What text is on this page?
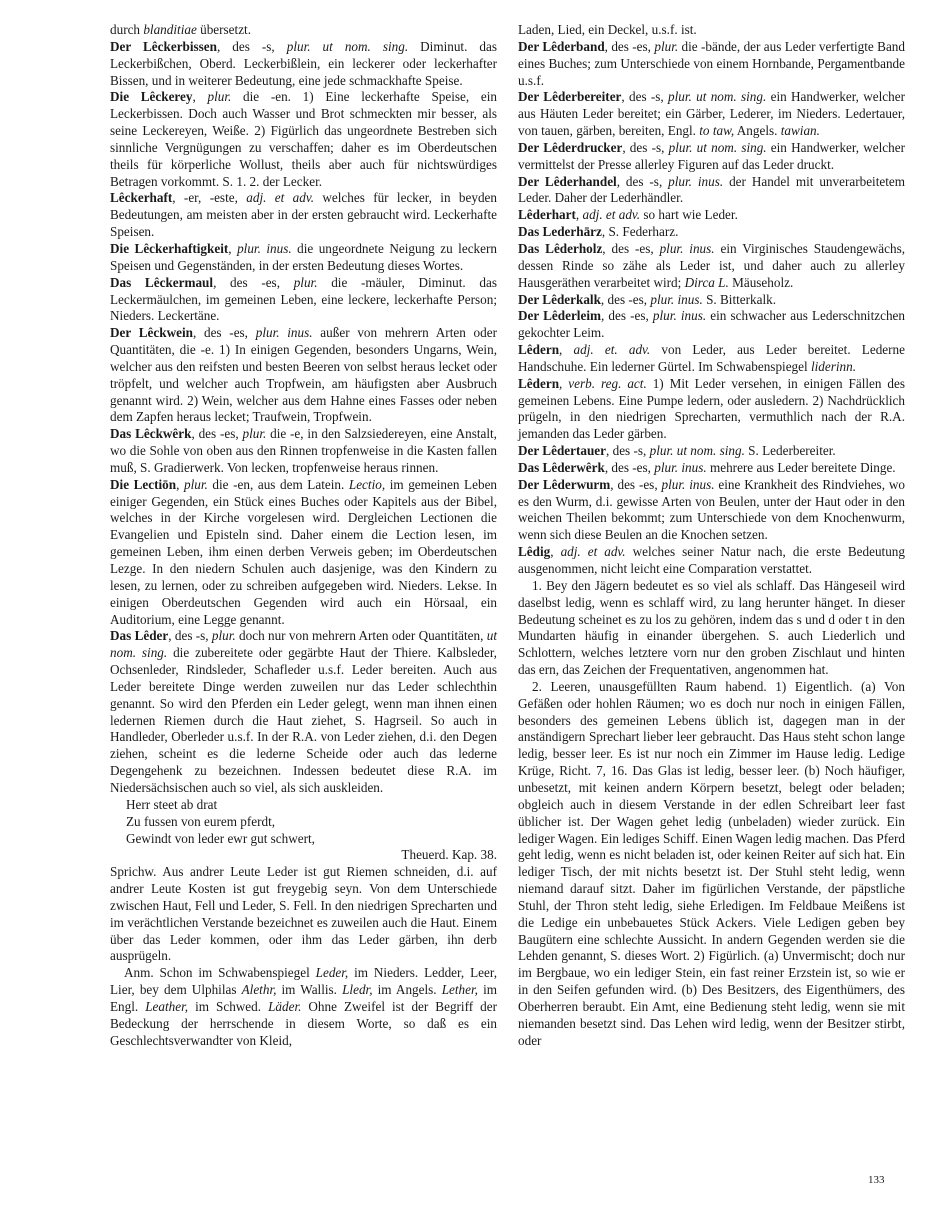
durch blanditiae übersetzt.

Der Lêckerbissen, des -s, plur. ut nom. sing. Diminut. das Leckerbißchen, Oberd. Leckerbißlein, ein leckerer oder leckerhafter Bissen, und in weiterer Bedeutung, eine jede schmackhafte Speise.

Die Lêckerey, plur. die -en. 1) Eine leckerhafte Speise, ein Leckerbissen. Doch auch Wasser und Brot schmeckten mir besser, als seine Leckereyen, Weiße. 2) Figürlich das ungeordnete Bestreben sich sinnliche Vergnügungen zu verschaffen; daher es im Oberdeutschen theils für körperliche Wollust, theils aber auch für nichtswürdiges Betragen vorkommt. S. 1. 2. der Lecker.

Lêckerhaft, -er, -este, adj. et adv. welches für lecker, in beyden Bedeutungen, am meisten aber in der ersten gebraucht wird. Leckerhafte Speisen.

Die Lêckerhaftigkeit, plur. inus. die ungeordnete Neigung zu leckern Speisen und Gegenständen, in der ersten Bedeutung dieses Wortes.

Das Lêckermaul, des -es, plur. die -mäuler, Diminut. das Leckermäulchen, im gemeinen Leben, eine leckere, leckerhafte Person; Nieders. Leckertäne.

Der Lêckwein, des -es, plur. inus. außer von mehrern Arten oder Quantitäten, die -e. 1) In einigen Gegenden, besonders Ungarns, Wein, welcher aus den reifsten und besten Beeren von selbst heraus lecket oder tröpfelt, und welcher auch Tropfwein, am häufigsten aber Ausbruch genannt wird. 2) Wein, welcher aus dem Hahne eines Fasses oder neben dem Zapfen heraus lecket; Traufwein, Tropfwein.

Das Lêckwêrk, des -es, plur. die -e, in den Salzsiedereyen, eine Anstalt, wo die Sohle von oben aus den Rinnen tropfenweise in die Kasten fallen muß, S. Gradierwerk. Von lecken, tropfenweise heraus rinnen.

Die Lectiōn, plur. die -en, aus dem Latein. Lectio, im gemeinen Leben einiger Gegenden, ein Stück eines Buches oder Kapitels aus der Bibel, welches in der Kirche vorgelesen wird. Dergleichen Lectionen die Evangelien und Episteln sind. Daher einem die Lection lesen, im gemeinen Leben, ihm einen derben Verweis geben; im Oberdeutschen Lezge. In den niedern Schulen auch dasjenige, was den Kindern zu lesen, zu lernen, oder zu schreiben aufgegeben wird. Nieders. Lekse. In einigen Oberdeutschen Gegenden wird auch ein Hörsaal, ein Auditorium, eine Legge genannt.

Das Lêder, des -s, plur. doch nur von mehrern Arten oder Quantitäten, ut nom. sing. die zubereitete oder gegärbte Haut der Thiere. Kalbsleder, Ochsenleder, Rindsleder, Schafleder u.s.f. Leder bereiten. Auch aus Leder bereitete Dinge werden zuweilen nur das Leder schlechthin genannt. So wird den Pferden ein Leder gelegt, wenn man ihnen einen ledernen Riemen durch die Haut ziehet, S. Hagrseil. So auch in Handleder, Oberleder u.s.f. In der R.A. von Leder ziehen, d.i. den Degen ziehen, scheint es die lederne Scheide oder auch das lederne Degengehenk zu bezeichnen. Indessen bedeutet diese R.A. im Niedersächsischen auch so viel, als sich auskleiden.

Herr steet ab drat

Zu fussen von eurem pferdt,

Gewindt von leder ewr gut schwert,

Theuerd. Kap. 38.

Sprichw. Aus andrer Leute Leder ist gut Riemen schneiden, d.i. auf andrer Leute Kosten ist gut freygebig seyn. Von dem Unterschiede zwischen Haut, Fell und Leder, S. Fell. In den niedrigen Sprecharten und im verächtlichen Verstande bezeichnet es zuweilen auch die Haut. Einem über das Leder kommen, oder ihm das Leder gärben, ihn derb ausprügeln.

Anm. Schon im Schwabenspiegel Leder, im Nieders. Ledder, Leer, Lier, bey dem Ulphilas Alethr, im Wallis. Lledr, im Angels. Lether, im Engl. Leather, im Schwed. Läder. Ohne Zweifel ist der Begriff der Bedeckung der herrschende in diesem Worte, so daß es ein Geschlechtsverwandter von Kleid,

Laden, Lied, ein Deckel, u.s.f. ist.

Der Lêderband, des -es, plur. die -bände, der aus Leder verfertigte Band eines Buches; zum Unterschiede von einem Hornbande, Pergamentbande u.s.f.

Der Lêderbereiter, des -s, plur. ut nom. sing. ein Handwerker, welcher aus Häuten Leder bereitet; ein Gärber, Lederer, im Nieders. Ledertauer, von tauen, gärben, bereiten, Engl. to taw, Angels. tawian.

Der Lêderdrucker, des -s, plur. ut nom. sing. ein Handwerker, welcher vermittelst der Presse allerley Figuren auf das Leder druckt.

Der Lêderhandel, des -s, plur. inus. der Handel mit unverarbeitetem Leder. Daher der Lederhändler.

Lêderhart, adj. et adv. so hart wie Leder.

Das Lederhārz, S. Federharz.

Das Lêderholz, des -es, plur. inus. ein Virginisches Staudengewächs, dessen Rinde so zähe als Leder ist, und daher auch zu allerley Hausgeräthen verarbeitet wird; Dirca L. Mäuseholz.

Der Lêderkalk, des -es, plur. inus. S. Bitterkalk.

Der Lêderleim, des -es, plur. inus. ein schwacher aus Lederschnitzchen gekochter Leim.

Lêdern, adj. et. adv. von Leder, aus Leder bereitet. Lederne Handschuhe. Ein lederner Gürtel. Im Schwabenspiegel liderinn.

Lêdern, verb. reg. act. 1) Mit Leder versehen, in einigen Fällen des gemeinen Lebens. Eine Pumpe ledern, oder ausledern. 2) Nachdrücklich prügeln, in den niedrigen Sprecharten, vermuthlich nach der R.A. jemanden das Leder gärben.

Der Lêdertauer, des -s, plur. ut nom. sing. S. Lederbereiter.

Das Lêderwêrk, des -es, plur. inus. mehrere aus Leder bereitete Dinge.

Der Lêderwurm, des -es, plur. inus. eine Krankheit des Rindviehes, wo es den Wurm, d.i. gewisse Arten von Beulen, unter der Haut oder in den weichen Theilen bekommt; zum Unterschiede von dem Knochenwurm, wenn sich diese Beulen an die Knochen setzen.

Lêdig, adj. et adv. welches seiner Natur nach, die erste Bedeutung ausgenommen, nicht leicht eine Comparation verstattet.

1. Bey den Jägern bedeutet es so viel als schlaff. Das Hängeseil wird daselbst ledig, wenn es schlaff wird, zu lang herunter hänget. In dieser Bedeutung scheinet es zu los zu gehören, indem das s und d oder t in den Mundarten häufig in einander übergehen. S. auch Liederlich und Schlottern, welches letztere vorn nur den groben Zischlaut und hinten das ern, das Zeichen der Frequentativen, angenommen hat.

2. Leeren, unausgefüllten Raum habend. 1) Eigentlich. (a) Von Gefäßen oder hohlen Räumen; wo es doch nur noch in einigen Fällen, besonders des gemeinen Lebens üblich ist, dagegen man in der anständigern Sprechart lieber leer gebraucht. Das Haus steht schon lange ledig, besser leer. Es ist nur noch ein Zimmer im Hause ledig. Ledige Krüge, Richt. 7, 16. Das Glas ist ledig, besser leer. (b) Noch häufiger, unbesetzt, mit keinen andern Körpern besetzt, belegt oder beladen; obgleich auch in diesem Verstande in der edlen Schreibart leer fast üblicher ist. Der Wagen gehet ledig (unbeladen) wieder zurück. Ein lediger Wagen. Ein lediges Schiff. Einen Wagen ledig machen. Das Pferd geht ledig, wenn es nicht beladen ist, oder keinen Reiter auf sich hat. Ein lediger Tisch, der mit nichts besetzt ist. Der Stuhl steht ledig, wenn niemand darauf sitzt. Daher im figürlichen Verstande, der päpstliche Stuhl, der Thron steht ledig, siehe Erledigen. Im Feldbaue Meißens ist die Ledige ein unbebauetes Stück Ackers. Viele Ledigen geben bey Baugütern eine schlechte Aussicht. In andern Gegenden werden sie die Lehden genannt, S. dieses Wort. 2) Figürlich. (a) Unvermischt; doch nur im Bergbaue, wo ein lediger Stein, ein fast reiner Erzstein ist, so wie er in den Seifen gefunden wird. (b) Des Besitzers, des Eigenthümers, des Oberherren beraubt. Ein Amt, eine Bedienung steht ledig, wenn sie mit niemanden besetzt sind. Das Lehen wird ledig, wenn der Besitzer stirbt, oder

133
